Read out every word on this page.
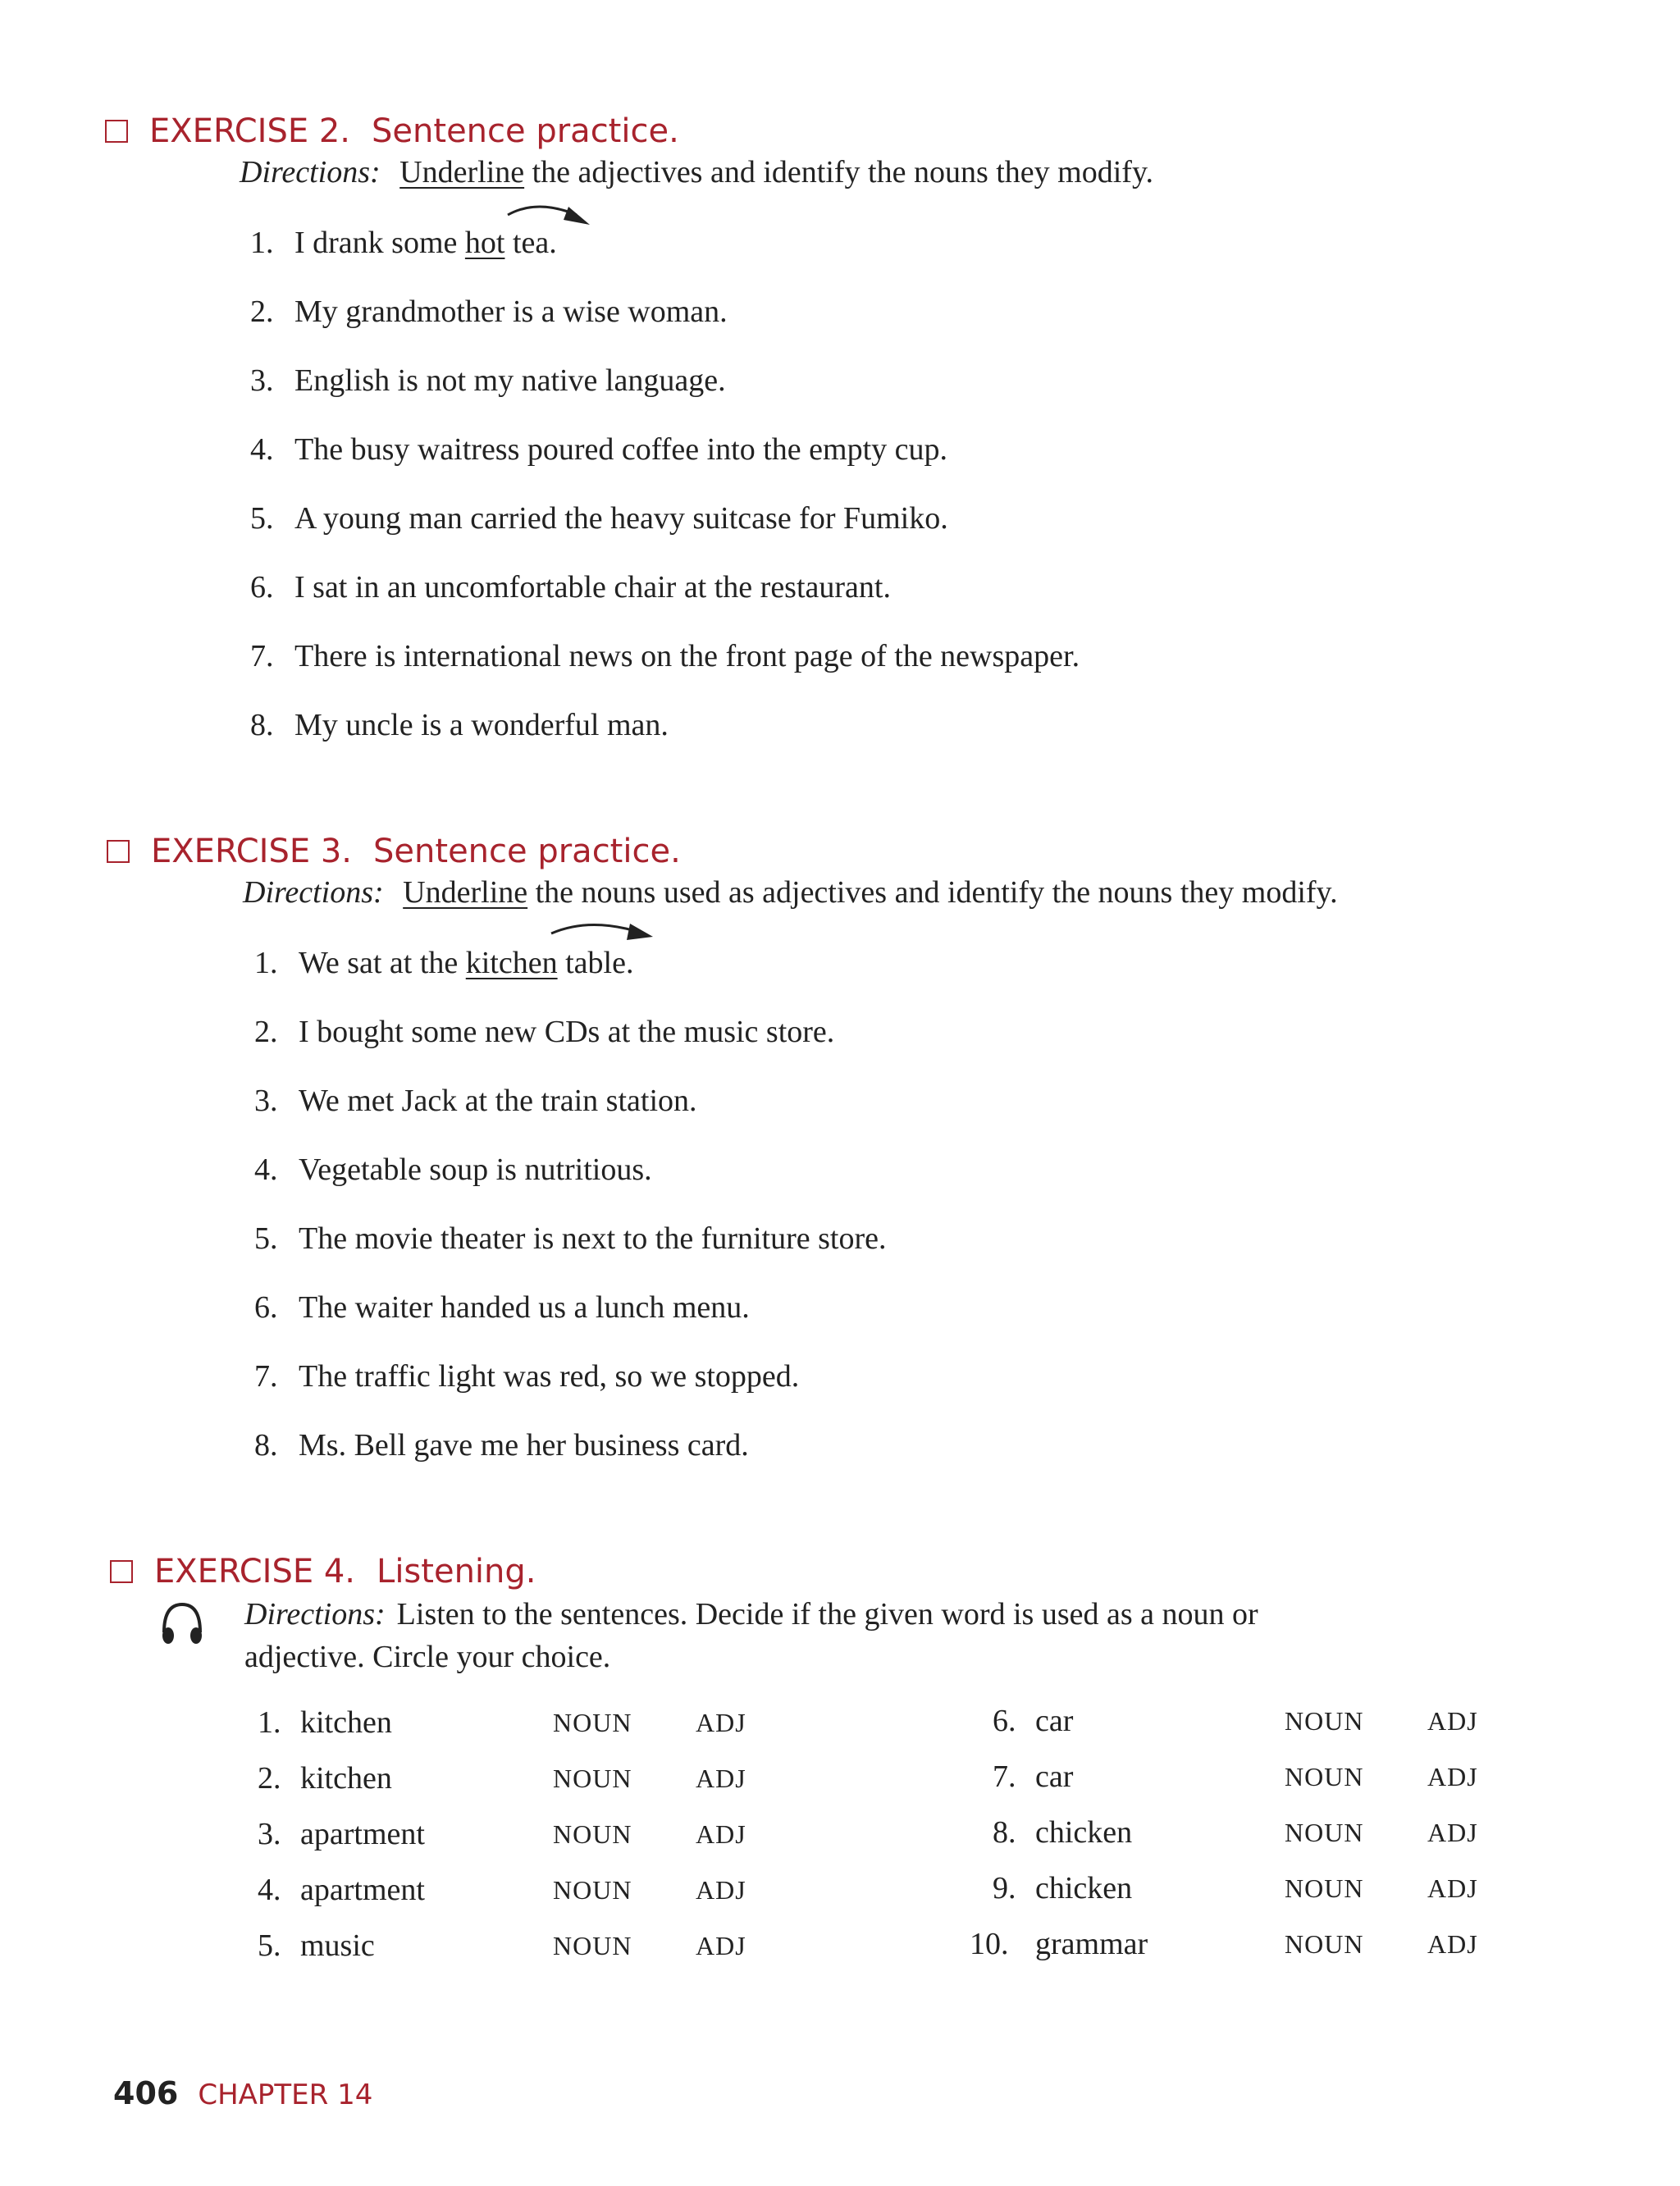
EXERCISE 2. Sentence practice.
Directions: Underline the adjectives and identify the nouns they modify.
1. I drank some hot tea.
2. My grandmother is a wise woman.
3. English is not my native language.
4. The busy waitress poured coffee into the empty cup.
5. A young man carried the heavy suitcase for Fumiko.
6. I sat in an uncomfortable chair at the restaurant.
7. There is international news on the front page of the newspaper.
8. My uncle is a wonderful man.
EXERCISE 3. Sentence practice.
Directions: Underline the nouns used as adjectives and identify the nouns they modify.
1. We sat at the kitchen table.
2. I bought some new CDs at the music store.
3. We met Jack at the train station.
4. Vegetable soup is nutritious.
5. The movie theater is next to the furniture store.
6. The waiter handed us a lunch menu.
7. The traffic light was red, so we stopped.
8. Ms. Bell gave me her business card.
EXERCISE 4. Listening.
Directions: Listen to the sentences. Decide if the given word is used as a noun or
adjective. Circle your choice.
1. kitchen	NOUN ADJ
2. kitchen	NOUN ADJ
3. apartment	NOUN ADJ
4. apartment	NOUN ADJ
5. music	NOUN ADJ
6. car	NOUN ADJ
7. car	NOUN ADJ
8. chicken	NOUN ADJ
9. chicken	NOUN ADJ
10. grammar	NOUN ADJ
406 CHAPTER 14
